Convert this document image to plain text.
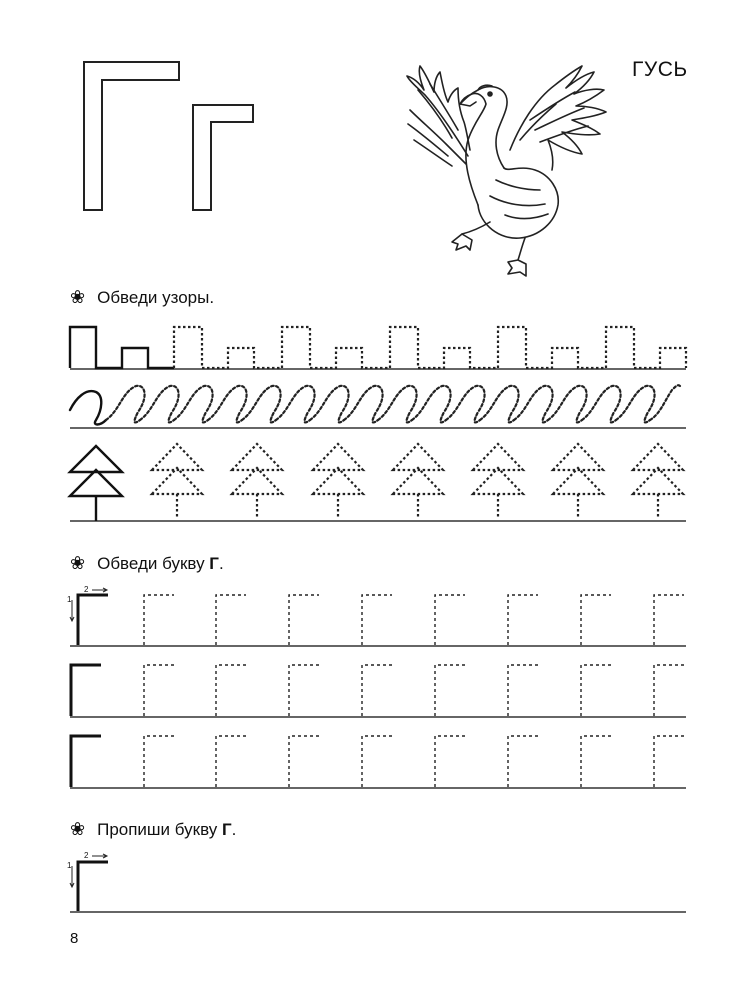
ГУСЬ
❀ Обведи узоры.
❀ Обведи букву Г .
❀ Пропиши букву Г .
8
1
2
1
2
